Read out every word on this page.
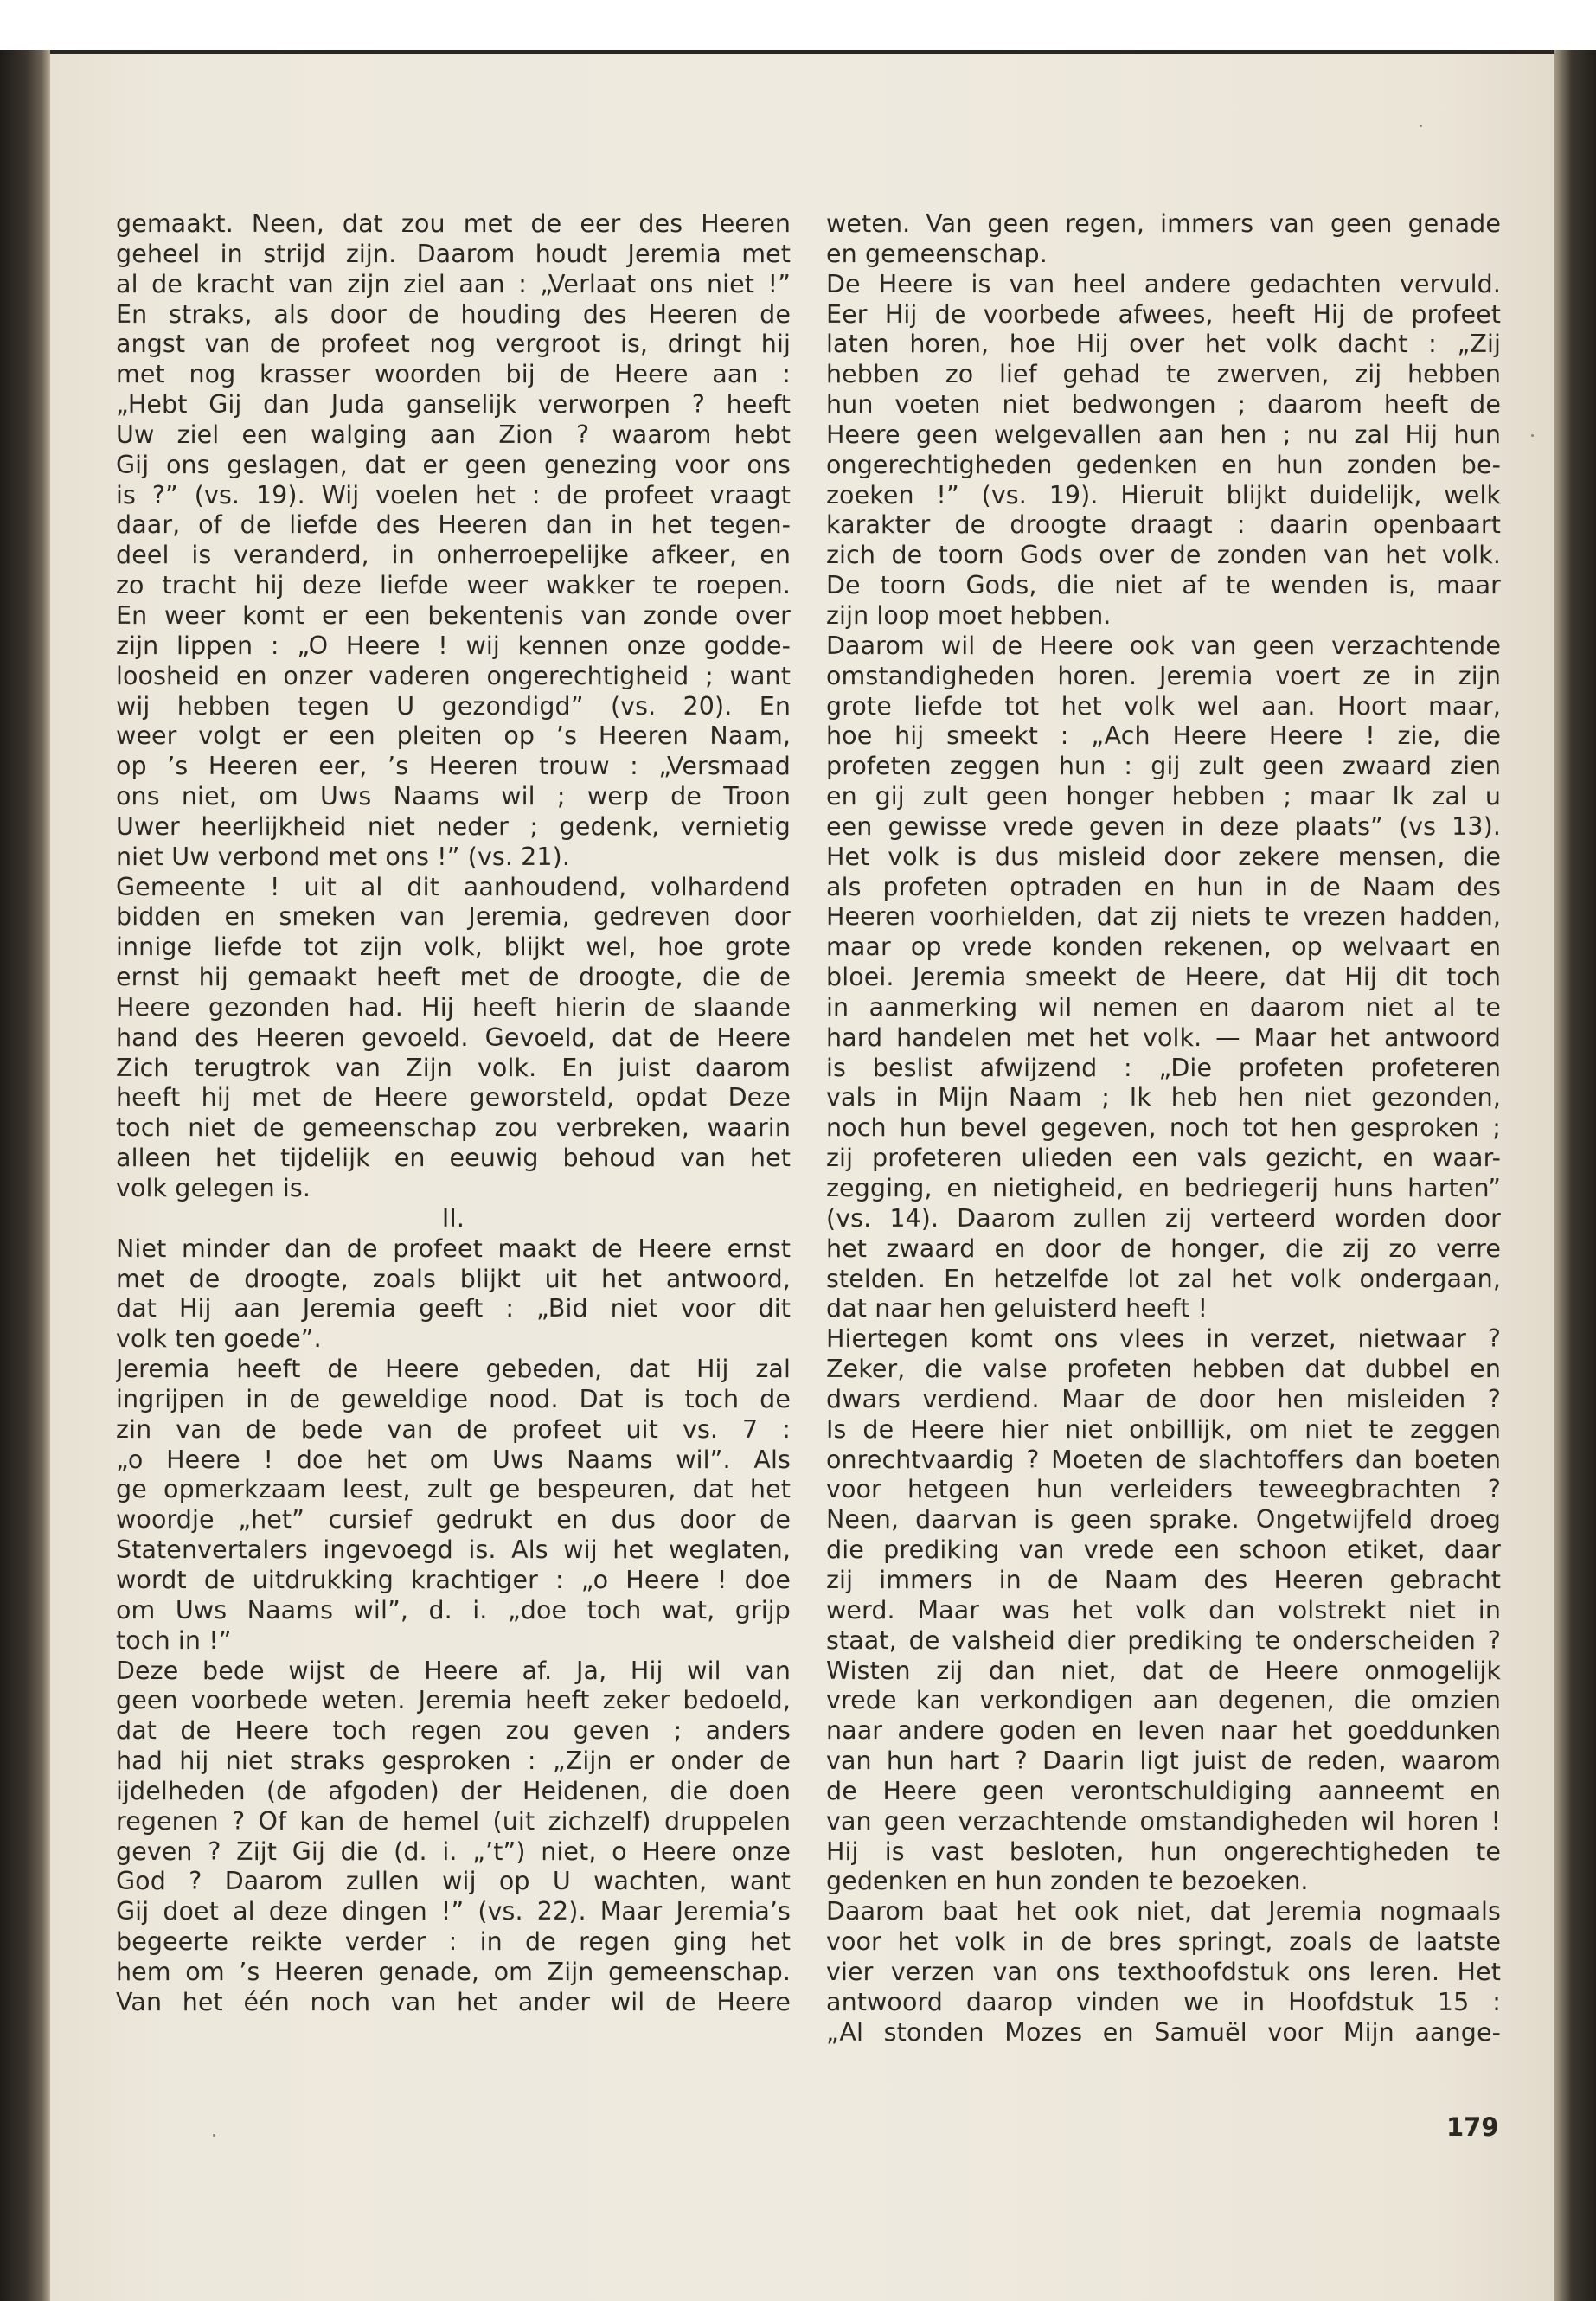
gemaakt. Neen, dat zou met de eer des Heeren
geheel in strijd zijn. Daarom houdt Jeremia met
al de kracht van zijn ziel aan : „Verlaat ons niet !”
En straks, als door de houding des Heeren de
angst van de profeet nog vergroot is, dringt hij
met nog krasser woorden bij de Heere aan :
„Hebt Gij dan Juda ganselijk verworpen ? heeft
Uw ziel een walging aan Zion ? waarom hebt
Gij ons geslagen, dat er geen genezing voor ons
is ?” (vs. 19). Wij voelen het : de profeet vraagt
daar, of de liefde des Heeren dan in het tegen-
deel is veranderd, in onherroepelijke afkeer, en
zo tracht hij deze liefde weer wakker te roepen.
En weer komt er een bekentenis van zonde over
zijn lippen : „O Heere ! wij kennen onze godde-
loosheid en onzer vaderen ongerechtigheid ; want
wij hebben tegen U gezondigd” (vs. 20). En
weer volgt er een pleiten op ’s Heeren Naam,
op ’s Heeren eer, ’s Heeren trouw : „Versmaad
ons niet, om Uws Naams wil ; werp de Troon
Uwer heerlijkheid niet neder ; gedenk, vernietig
niet Uw verbond met ons !” (vs. 21).
Gemeente ! uit al dit aanhoudend, volhardend
bidden en smeken van Jeremia, gedreven door
innige liefde tot zijn volk, blijkt wel, hoe grote
ernst hij gemaakt heeft met de droogte, die de
Heere gezonden had. Hij heeft hierin de slaande
hand des Heeren gevoeld. Gevoeld, dat de Heere
Zich terugtrok van Zijn volk. En juist daarom
heeft hij met de Heere geworsteld, opdat Deze
toch niet de gemeenschap zou verbreken, waarin
alleen het tijdelijk en eeuwig behoud van het
volk gelegen is.
II.
Niet minder dan de profeet maakt de Heere ernst
met de droogte, zoals blijkt uit het antwoord,
dat Hij aan Jeremia geeft : „Bid niet voor dit
volk ten goede”.
Jeremia heeft de Heere gebeden, dat Hij zal
ingrijpen in de geweldige nood. Dat is toch de
zin van de bede van de profeet uit vs. 7 :
„o Heere ! doe het om Uws Naams wil”. Als
ge opmerkzaam leest, zult ge bespeuren, dat het
woordje „het” cursief gedrukt en dus door de
Statenvertalers ingevoegd is. Als wij het weglaten,
wordt de uitdrukking krachtiger : „o Heere ! doe
om Uws Naams wil”, d. i. „doe toch wat, grijp
toch in !”
Deze bede wijst de Heere af. Ja, Hij wil van
geen voorbede weten. Jeremia heeft zeker bedoeld,
dat de Heere toch regen zou geven ; anders
had hij niet straks gesproken : „Zijn er onder de
ijdelheden (de afgoden) der Heidenen, die doen
regenen ? Of kan de hemel (uit zichzelf) druppelen
geven ? Zijt Gij die (d. i. „’t”) niet, o Heere onze
God ? Daarom zullen wij op U wachten, want
Gij doet al deze dingen !” (vs. 22). Maar Jeremia’s
begeerte reikte verder : in de regen ging het
hem om ’s Heeren genade, om Zijn gemeenschap.
Van het één noch van het ander wil de Heere
weten. Van geen regen, immers van geen genade
en gemeenschap.
De Heere is van heel andere gedachten vervuld.
Eer Hij de voorbede afwees, heeft Hij de profeet
laten horen, hoe Hij over het volk dacht : „Zij
hebben zo lief gehad te zwerven, zij hebben
hun voeten niet bedwongen ; daarom heeft de
Heere geen welgevallen aan hen ; nu zal Hij hun
ongerechtigheden gedenken en hun zonden be-
zoeken !” (vs. 19). Hieruit blijkt duidelijk, welk
karakter de droogte draagt : daarin openbaart
zich de toorn Gods over de zonden van het volk.
De toorn Gods, die niet af te wenden is, maar
zijn loop moet hebben.
Daarom wil de Heere ook van geen verzachtende
omstandigheden horen. Jeremia voert ze in zijn
grote liefde tot het volk wel aan. Hoort maar,
hoe hij smeekt : „Ach Heere Heere ! zie, die
profeten zeggen hun : gij zult geen zwaard zien
en gij zult geen honger hebben ; maar Ik zal u
een gewisse vrede geven in deze plaats” (vs 13).
Het volk is dus misleid door zekere mensen, die
als profeten optraden en hun in de Naam des
Heeren voorhielden, dat zij niets te vrezen hadden,
maar op vrede konden rekenen, op welvaart en
bloei. Jeremia smeekt de Heere, dat Hij dit toch
in aanmerking wil nemen en daarom niet al te
hard handelen met het volk. — Maar het antwoord
is beslist afwijzend : „Die profeten profeteren
vals in Mijn Naam ; Ik heb hen niet gezonden,
noch hun bevel gegeven, noch tot hen gesproken ;
zij profeteren ulieden een vals gezicht, en waar-
zegging, en nietigheid, en bedriegerij huns harten”
(vs. 14). Daarom zullen zij verteerd worden door
het zwaard en door de honger, die zij zo verre
stelden. En hetzelfde lot zal het volk ondergaan,
dat naar hen geluisterd heeft !
Hiertegen komt ons vlees in verzet, nietwaar ?
Zeker, die valse profeten hebben dat dubbel en
dwars verdiend. Maar de door hen misleiden ?
Is de Heere hier niet onbillijk, om niet te zeggen
onrechtvaardig ? Moeten de slachtoffers dan boeten
voor hetgeen hun verleiders teweegbrachten ?
Neen, daarvan is geen sprake. Ongetwijfeld droeg
die prediking van vrede een schoon etiket, daar
zij immers in de Naam des Heeren gebracht
werd. Maar was het volk dan volstrekt niet in
staat, de valsheid dier prediking te onderscheiden ?
Wisten zij dan niet, dat de Heere onmogelijk
vrede kan verkondigen aan degenen, die omzien
naar andere goden en leven naar het goeddunken
van hun hart ? Daarin ligt juist de reden, waarom
de Heere geen verontschuldiging aanneemt en
van geen verzachtende omstandigheden wil horen !
Hij is vast besloten, hun ongerechtigheden te
gedenken en hun zonden te bezoeken.
Daarom baat het ook niet, dat Jeremia nogmaals
voor het volk in de bres springt, zoals de laatste
vier verzen van ons texthoofdstuk ons leren. Het
antwoord daarop vinden we in Hoofdstuk 15 :
„Al stonden Mozes en Samuël voor Mijn aange-
179
